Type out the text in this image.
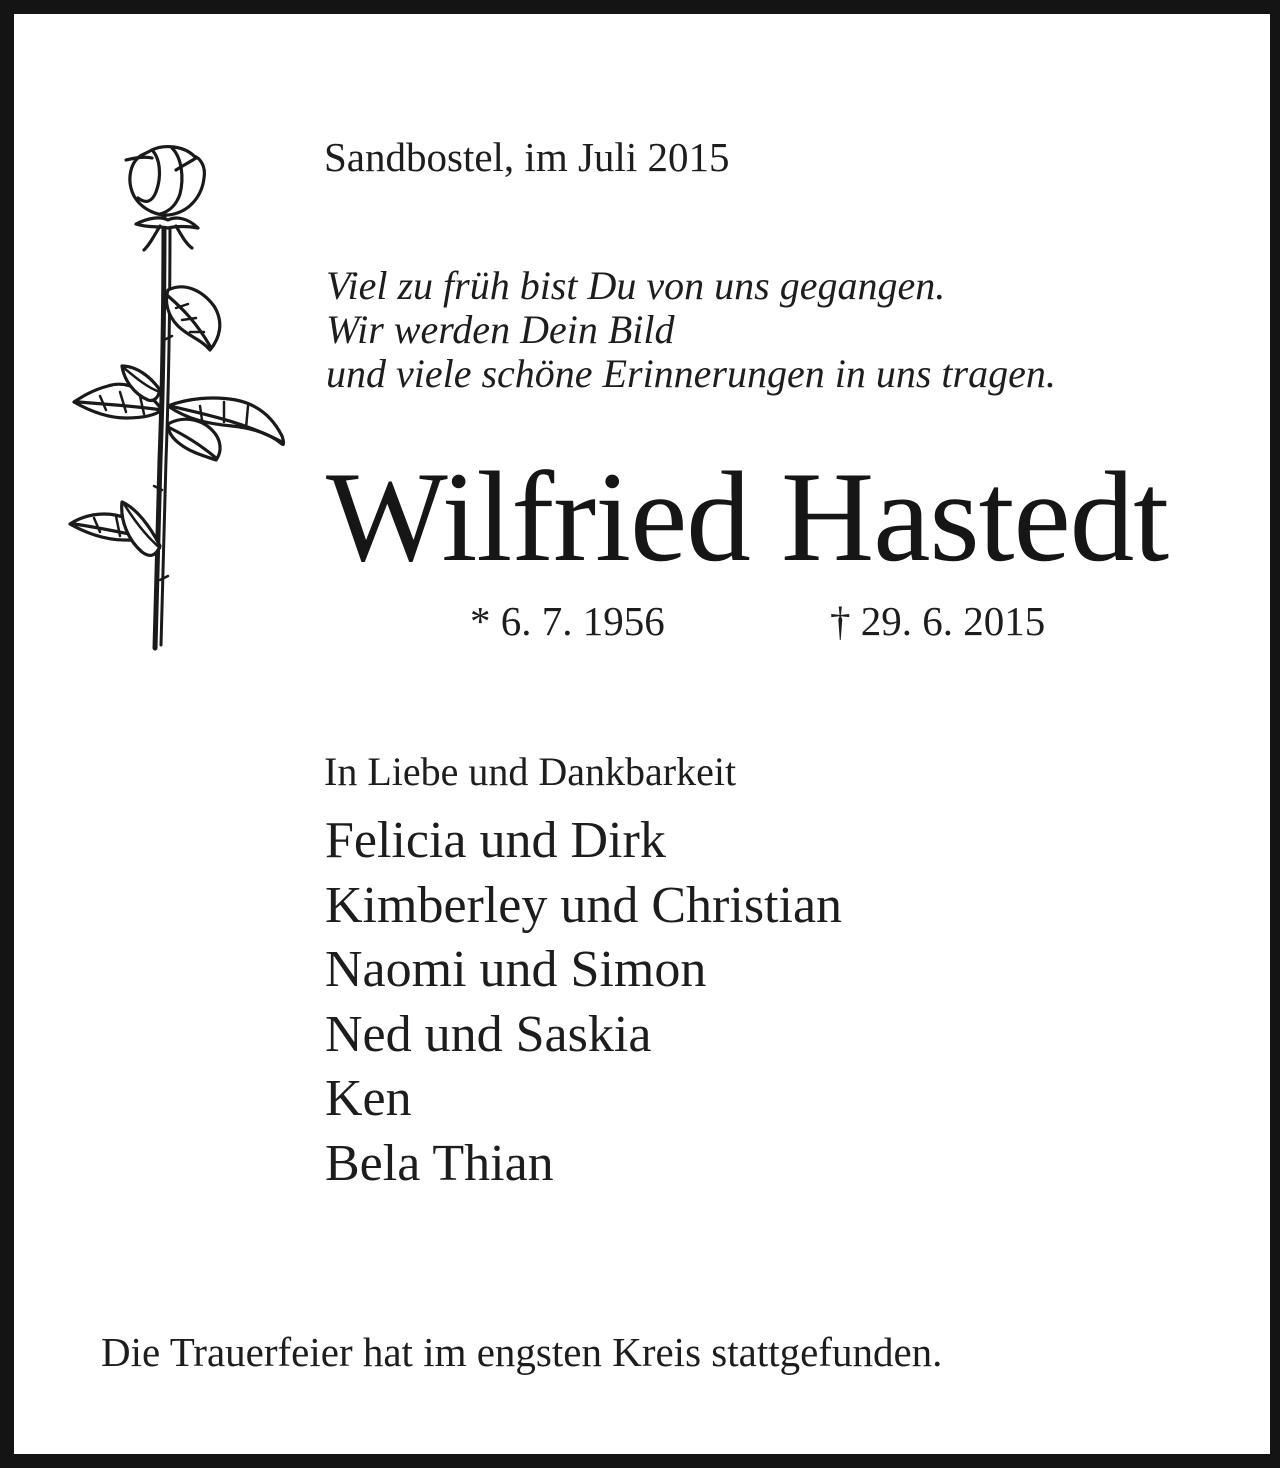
Sandbostel, im Juli 2015
Viel zu früh bist Du von uns gegangen.
Wir werden Dein Bild
und viele schöne Erinnerungen in uns tragen.
Wilfried Hastedt
* 6. 7. 1956	† 29. 6. 2015
In Liebe und Dankbarkeit
Felicia und Dirk
Kimberley und Christian
Naomi und Simon
Ned und Saskia
Ken
Bela Thian
Die Trauerfeier hat im engsten Kreis stattgefunden.
